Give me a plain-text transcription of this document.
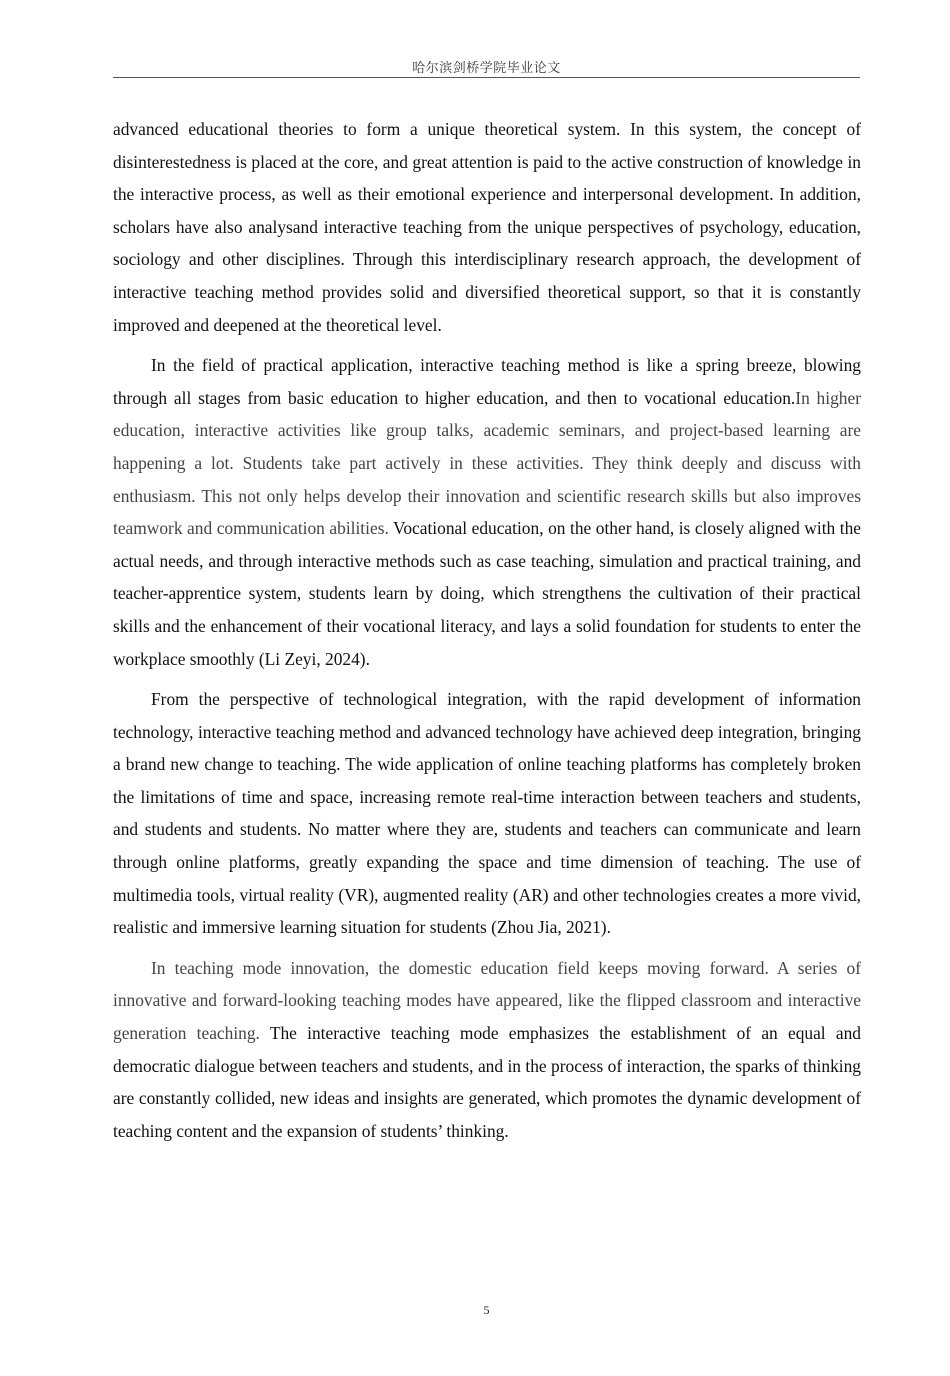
哈尔滨剑桥学院毕业论文

advanced educational theories to form a unique theoretical system. In this system, the concept of disinterestedness is placed at the core, and great attention is paid to the active construction of knowledge in the interactive process, as well as their emotional experience and interpersonal development. In addition, scholars have also analysand interactive teaching from the unique perspectives of psychology, education, sociology and other disciplines. Through this interdisciplinary research approach, the development of interactive teaching method provides solid and diversified theoretical support, so that it is constantly improved and deepened at the theoretical level.

In the field of practical application, interactive teaching method is like a spring breeze, blowing through all stages from basic education to higher education, and then to vocational education.In higher education, interactive activities like group talks, academic seminars, and project-based learning are happening a lot. Students take part actively in these activities. They think deeply and discuss with enthusiasm. This not only helps develop their innovation and scientific research skills but also improves teamwork and communication abilities. Vocational education, on the other hand, is closely aligned with the actual needs, and through interactive methods such as case teaching, simulation and practical training, and teacher-apprentice system, students learn by doing, which strengthens the cultivation of their practical skills and the enhancement of their vocational literacy, and lays a solid foundation for students to enter the workplace smoothly (Li Zeyi, 2024).

From the perspective of technological integration, with the rapid development of information technology, interactive teaching method and advanced technology have achieved deep integration, bringing a brand new change to teaching. The wide application of online teaching platforms has completely broken the limitations of time and space, increasing remote real-time interaction between teachers and students, and students and students. No matter where they are, students and teachers can communicate and learn through online platforms, greatly expanding the space and time dimension of teaching. The use of multimedia tools, virtual reality (VR), augmented reality (AR) and other technologies creates a more vivid, realistic and immersive learning situation for students (Zhou Jia, 2021).

In teaching mode innovation, the domestic education field keeps moving forward. A series of innovative and forward-looking teaching modes have appeared, like the flipped classroom and interactive generation teaching. The interactive teaching mode emphasizes the establishment of an equal and democratic dialogue between teachers and students, and in the process of interaction, the sparks of thinking are constantly collided, new ideas and insights are generated, which promotes the dynamic development of teaching content and the expansion of students’ thinking.

5
